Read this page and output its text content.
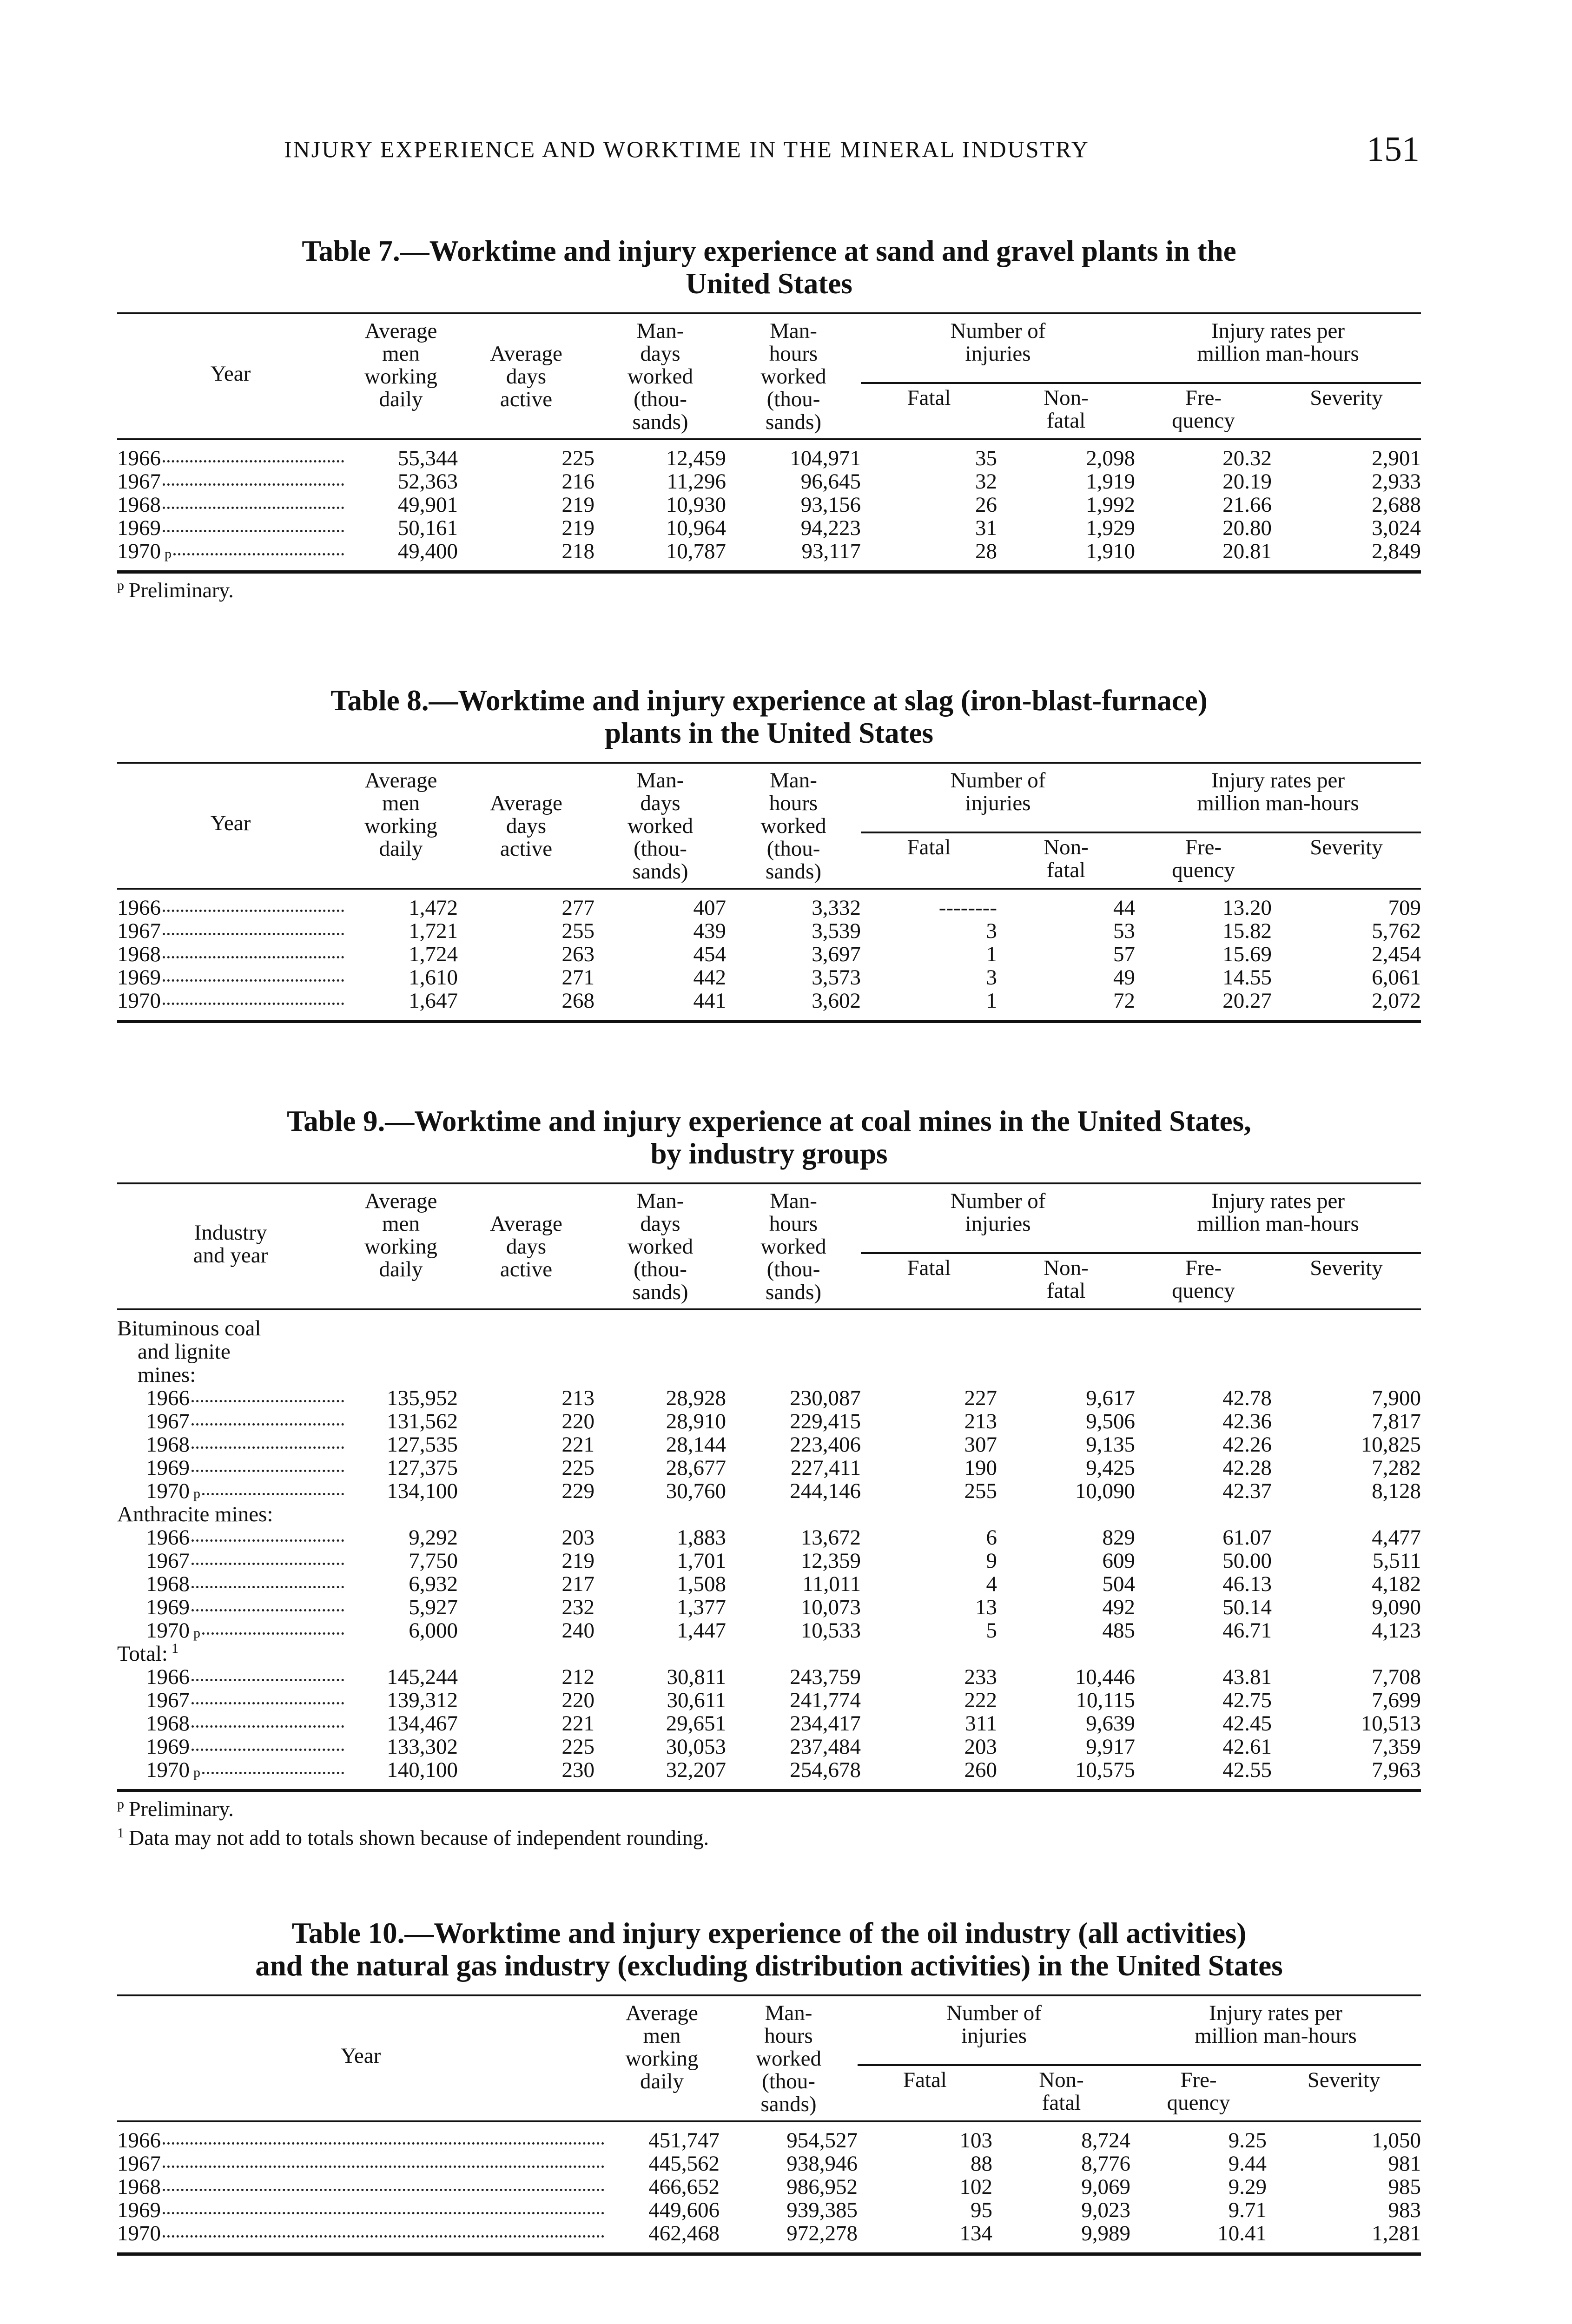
INJURY EXPERIENCE AND WORKTIME IN THE MINERAL INDUSTRY	151
Table 7.—Worktime and injury experience at sand and gravel plants in the
United States
Year	Average
men
working
daily	
Average
days
active	Man-
days
worked
(thou-
sands)	Man-
hours
worked
(thou-
sands)	Number of
injuries		Injury rates per
million man-hours	
					Fatal	Non-
fatal	Fre-
quency	Severity

1966	55,344	225	12,459	104,971	35	2,098	20.32	2,901

1967	52,363	216	11,296	96,645	32	1,919	20.19	2,933

1968	49,901	219	10,930	93,156	26	1,992	21.66	2,688

1969	50,161	219	10,964	94,223	31	1,929	20.80	3,024

1970 p	49,400	218	10,787	93,117	28	1,910	20.81	2,849

$^p$ Preliminary.
Table 8.—Worktime and injury experience at slag (iron-blast-furnace)
plants in the United States
Year	Average
men
working
daily	
Average
days
active	Man-
days
worked
(thou-
sands)	Man-
hours
worked
(thou-
sands)	Number of
injuries		Injury rates per
million man-hours	
					Fatal	Non-
fatal	Fre-
quency	Severity

1966	1,472	277	407	3,332	--------	44	13.20	709

1967	1,721	255	439	3,539	3	53	15.82	5,762

1968	1,724	263	454	3,697	1	57	15.69	2,454

1969	1,610	271	442	3,573	3	49	14.55	6,061

1970	1,647	268	441	3,602	1	72	20.27	2,072

Table 9.—Worktime and injury experience at coal mines in the United States,
by industry groups
Industry
and year	Average
men
working
daily	
Average
days
active	Man-
days
worked
(thou-
sands)	Man-
hours
worked
(thou-
sands)	Number of
injuries		Injury rates per
million man-hours	
					Fatal	Non-
fatal	Fre-
quency	Severity

Bituminous coal
and lignite
mines:								

1966	135,952	213	28,928	230,087	227	9,617	42.78	7,900

1967	131,562	220	28,910	229,415	213	9,506	42.36	7,817

1968	127,535	221	28,144	223,406	307	9,135	42.26	10,825

1969	127,375	225	28,677	227,411	190	9,425	42.28	7,282

1970 p	134,100	229	30,760	244,146	255	10,090	42.37	8,128
Anthracite mines:								

1966	9,292	203	1,883	13,672	6	829	61.07	4,477

1967	7,750	219	1,701	12,359	9	609	50.00	5,511

1968	6,932	217	1,508	11,011	4	504	46.13	4,182

1969	5,927	232	1,377	10,073	13	492	50.14	9,090

1970 p	6,000	240	1,447	10,533	5	485	46.71	4,123
Total: $^1$

1966	145,244	212	30,811	243,759	233	10,446	43.81	7,708

1967	139,312	220	30,611	241,774	222	10,115	42.75	7,699

1968	134,467	221	29,651	234,417	311	9,639	42.45	10,513

1969	133,302	225	30,053	237,484	203	9,917	42.61	7,359

1970 p	140,100	230	32,207	254,678	260	10,575	42.55	7,963

$^p$ Preliminary.
$^1$ Data may not add to totals shown because of independent rounding.
Table 10.—Worktime and injury experience of the oil industry (all activities)
and the natural gas industry (excluding distribution activities) in the United States
Year	Average
men
working
daily	Man-
hours
worked
(thou-
sands)	Number of
injuries		Injury rates per
million man-hours	
			Fatal	Non-
fatal	Fre-
quency	Severity

1966	451,747	954,527	103	8,724	9.25	1,050

1967	445,562	938,946	88	8,776	9.44	981

1968	466,652	986,952	102	9,069	9.29	985

1969	449,606	939,385	95	9,023	9.71	983

1970	462,468	972,278	134	9,989	10.41	1,281
